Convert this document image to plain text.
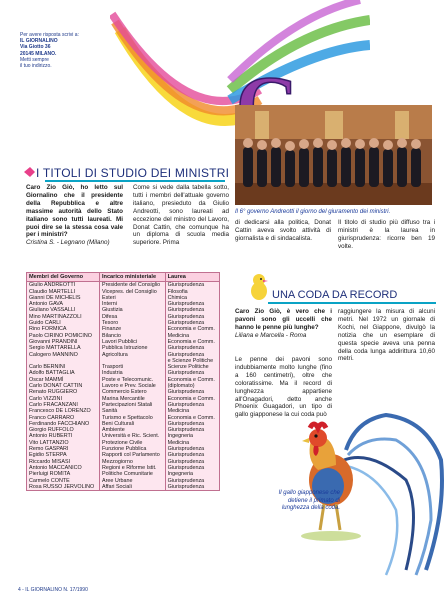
Per avere risposta scrivi a:
IL GIORNALINO
Via Giotto 36
20145 MILANO.
Metti sempre
il tuo indirizzo.
Il 6° governo Andreotti il giorno del giuramento dei ministri.
I TITOLI DI STUDIO DEI MINISTRI
Caro Zio Giò, ho letto sul Giornalino che il presidente della Repubblica e altre massime autorità dello Stato italiano sono tutti laureati. Mi puoi dire se la stessa cosa vale per i ministri?
Cristina S. - Legnano (Milano)
Come si vede dalla tabella sotto, tutti i membri dell'attuale governo italiano, presieduto da Giulio Andreotti, sono laureati ad eccezione del ministro del Lavoro, Donat Cattin, che comunque ha un diploma di scuola media superiore. Prima
di dedicarsi alla politica, Donat Cattin aveva svolto attività di giornalista e di sindacalista.
Il titolo di studio più diffuso tra i ministri è la laurea in giurisprudenza: ricorre ben 19 volte.
Membri del Governo	Incarico ministeriale	Laurea
Giulio ANDREOTTI	Presidente del Consiglio	Giurisprudenza
Claudio MARTELLI	Vicepres. del Consiglio	Filosofia
Gianni DE MICHELIS	Esteri	Chimica
Antonio GAVA	Interni	Giurisprudenza
Giuliano VASSALLI	Giustizia	Giurisprudenza
Mino MARTINAZZOLI	Difesa	Giurisprudenza
Guido CARLI	Tesoro	Giurisprudenza
Rino FORMICA	Finanze	Economia e Comm.
Paolo CIRINO POMICINO	Bilancio	Medicina
Giovanni PRANDINI	Lavori Pubblici	Economia e Comm.
Sergio MATTARELLA	Pubblica Istruzione	Giurisprudenza
Calogero MANNINO	Agricoltura	Giurisprudenza
		e Scienze Politiche
Carlo BERNINI	Trasporti	Scienze Politiche
Adolfo BATTAGLIA	Industria	Giurisprudenza
Oscar MAMMÌ	Poste e Telecomunic.	Economia e Comm.
Carlo DONAT CATTIN	Lavoro e Prev. Sociale	(diplomato)
Renato RUGGIERO	Commercio Estero	Giurisprudenza
Carlo VIZZINI	Marina Mercantile	Economia e Comm.
Carlo FRACANZANI	Partecipazioni Statali	Giurisprudenza
Francesco DE LORENZO	Sanità	Medicina
Franco CARRARO	Turismo e Spettacolo	Economia e Comm.
Ferdinando FACCHIANO	Beni Culturali	Giurisprudenza
Giorgio RUFFOLO	Ambiente	Giurisprudenza
Antonio RUBERTI	Università e Ric. Scient.	Ingegneria
Vito LATTANZIO	Protezione Civile	Medicina
Remo GASPARI	Funzione Pubblica	Giurisprudenza
Egidio STERPA	Rapporti col Parlamento	Giurisprudenza
Riccardo MISASI	Mezzogiorno	Giurisprudenza
Antonio MACCANICO	Regioni e Riforme Istit.	Giurisprudenza
Pierluigi ROMITA	Politiche Comunitarie	Ingegneria
Carmelo CONTE	Aree Urbane	Giurisprudenza
Rosa RUSSO JERVOLINO	Affari Sociali	Giurisprudenza
UNA CODA DA RECORD
Caro Zio Giò, è vero che i pavoni sono gli uccelli che hanno le penne più lunghe?
Liliana e Marcella - Roma
Le penne dei pavoni sono indubbiamente molto lunghe (fino a 160 centimetri), oltre che coloratissime. Ma il record di lunghezza appartiene all'Onagadori, detto anche Phoenix Guagadori, un tipo di gallo giapponese la cui coda può
raggiungere la misura di alcuni metri. Nel 1972 un giornale di Kochi, nel Giappone, divulgò la notizia che un esemplare di questa specie aveva una penna della coda lunga addirittura 10,60 metri.
Il gallo giapponese che detiene il primato di lunghezza della coda.
4 - IL GIORNALINO N. 17/1990
